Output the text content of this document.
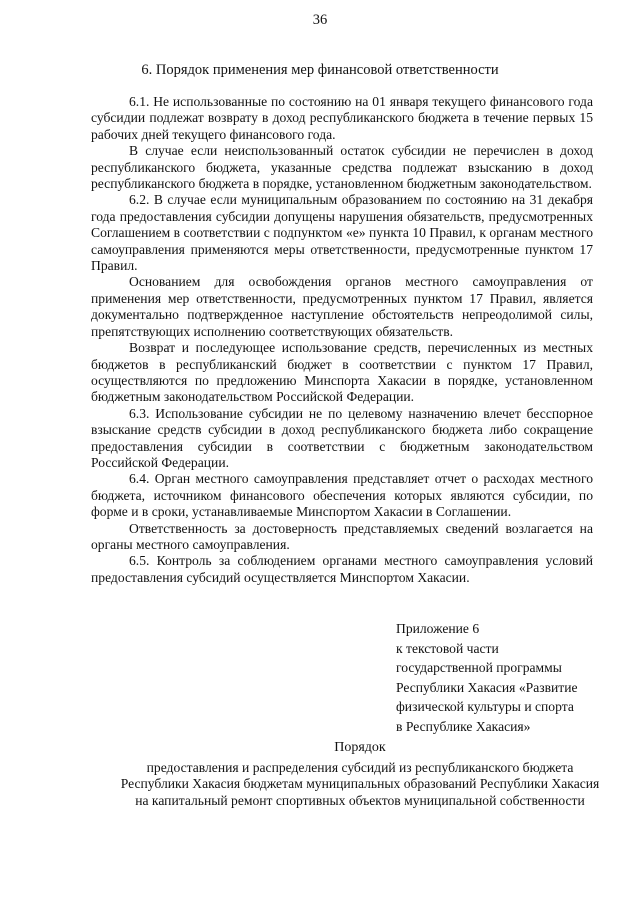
36
6. Порядок применения мер финансовой ответственности

6.1. Не использованные по состоянию на 01 января текущего финансового года субсидии подлежат возврату в доход республиканского бюджета в течение первых 15 рабочих дней текущего финансового года.

В случае если неиспользованный остаток субсидии не перечислен в доход республиканского бюджета, указанные средства подлежат взысканию в доход республиканского бюджета в порядке, установленном бюджетным законодательством.

6.2. В случае если муниципальным образованием по состоянию на 31 декабря года предоставления субсидии допущены нарушения обязательств, предусмотренных Соглашением в соответствии с подпунктом «е» пункта 10 Правил, к органам местного самоуправления применяются меры ответственности, предусмотренные пунктом 17 Правил.

Основанием для освобождения органов местного самоуправления от применения мер ответственности, предусмотренных пунктом 17 Правил, является документально подтвержденное наступление обстоятельств непреодолимой силы, препятствующих исполнению соответствующих обязательств.

Возврат и последующее использование средств, перечисленных из местных бюджетов в республиканский бюджет в соответствии с пунктом 17 Правил, осуществляются по предложению Минспорта Хакасии в порядке, установленном бюджетным законодательством Российской Федерации.

6.3. Использование субсидии не по целевому назначению влечет бесспорное взыскание средств субсидии в доход республиканского бюджета либо сокращение предоставления субсидии в соответствии с бюджетным законодательством Российской Федерации.

6.4. Орган местного самоуправления представляет отчет о расходах местного бюджета, источником финансового обеспечения которых являются субсидии, по форме и в сроки, устанавливаемые Минспортом Хакасии в Соглашении.

Ответственность за достоверность представляемых сведений возлагается на органы местного самоуправления.

6.5. Контроль за соблюдением органами местного самоуправления условий предоставления субсидий осуществляется Минспортом Хакасии.

Приложение 6
к текстовой части
государственной программы
Республики Хакасия «Развитие
физической культуры и спорта
в Республике Хакасия»
Порядок
предоставления и распределения субсидий из республиканского бюджета
Республики Хакасия бюджетам муниципальных образований Республики Хакасия
на капитальный ремонт спортивных объектов муниципальной собственности
